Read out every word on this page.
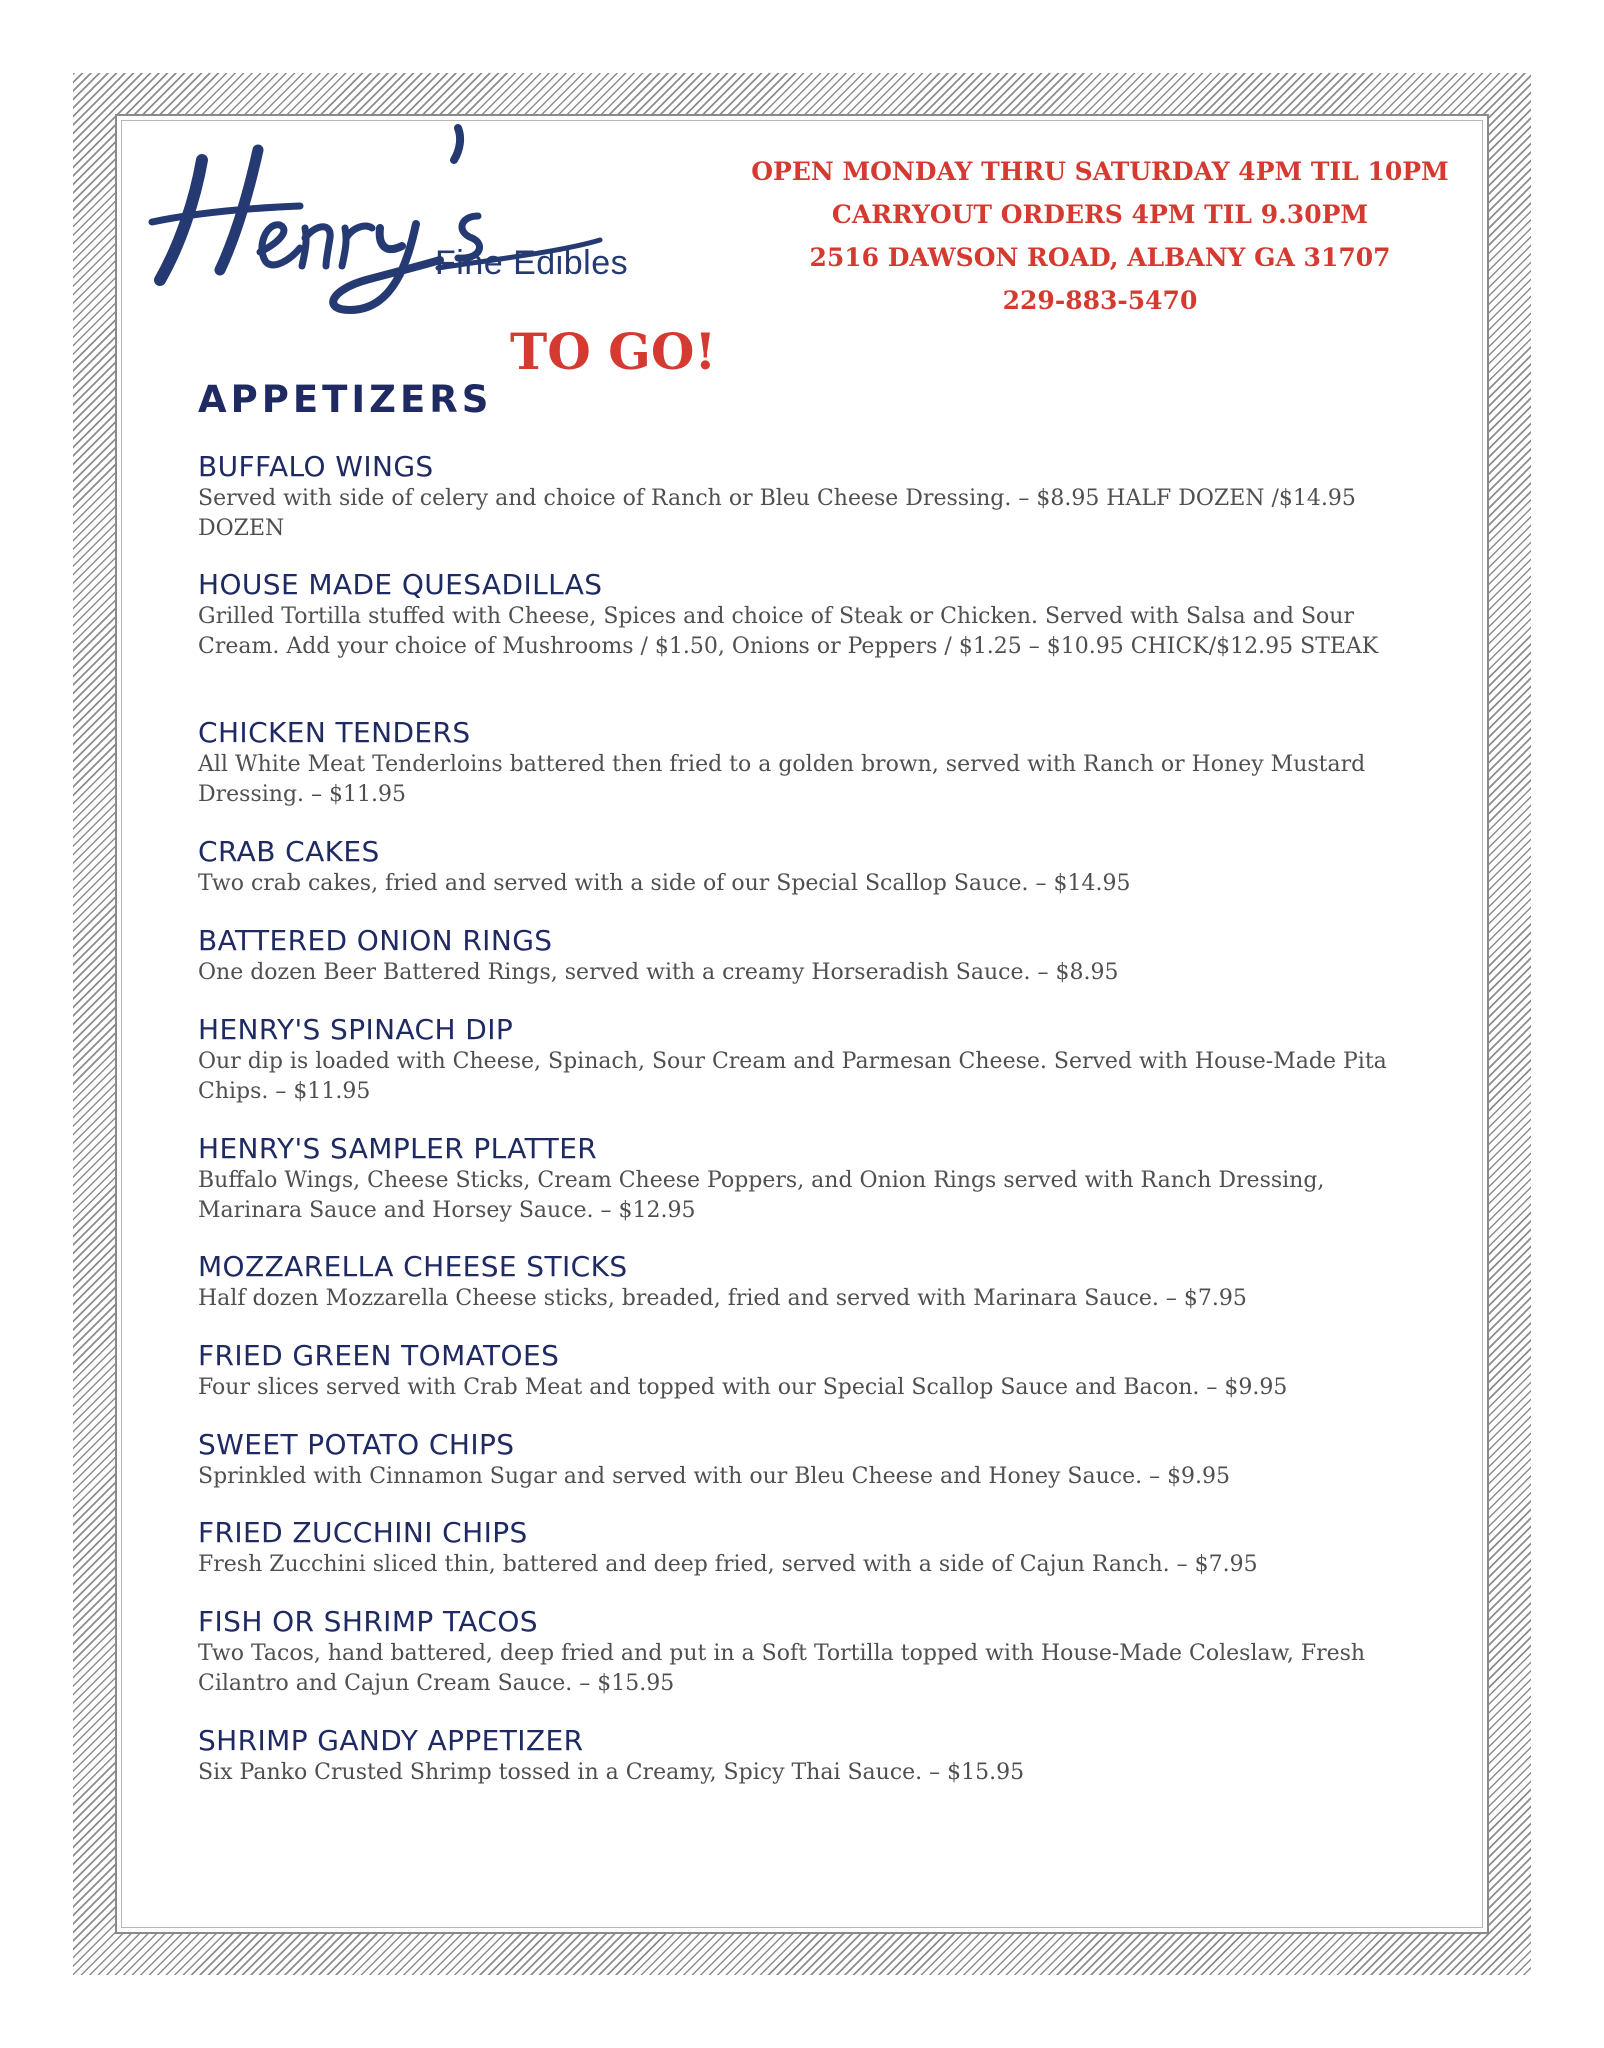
Fine Edibles
OPEN MONDAY THRU SATURDAY 4PM TIL 10PM
CARRYOUT ORDERS 4PM TIL 9.30PM
2516 DAWSON ROAD, ALBANY GA 31707
229-883-5470
TO GO!
APPETIZERS
BUFFALO WINGS
Served with side of celery and choice of Ranch or Bleu Cheese Dressing. – $8.95 HALF DOZEN /$14.95 DOZEN
HOUSE MADE QUESADILLAS
Grilled Tortilla stuffed with Cheese, Spices and choice of Steak or Chicken. Served with Salsa and Sour Cream. Add your choice of Mushrooms / $1.50, Onions or Peppers / $1.25 – $10.95 CHICK/$12.95 STEAK
CHICKEN TENDERS
All White Meat Tenderloins battered then fried to a golden brown, served with Ranch or Honey Mustard Dressing. – $11.95
CRAB CAKES
Two crab cakes, fried and served with a side of our Special Scallop Sauce. – $14.95
BATTERED ONION RINGS
One dozen Beer Battered Rings, served with a creamy Horseradish Sauce. – $8.95
HENRY'S SPINACH DIP
Our dip is loaded with Cheese, Spinach, Sour Cream and Parmesan Cheese. Served with House-Made Pita Chips. – $11.95
HENRY'S SAMPLER PLATTER
Buffalo Wings, Cheese Sticks, Cream Cheese Poppers, and Onion Rings served with Ranch Dressing, Marinara Sauce and Horsey Sauce. – $12.95
MOZZARELLA CHEESE STICKS
Half dozen Mozzarella Cheese sticks, breaded, fried and served with Marinara Sauce. – $7.95
FRIED GREEN TOMATOES
Four slices served with Crab Meat and topped with our Special Scallop Sauce and Bacon. – $9.95
SWEET POTATO CHIPS
Sprinkled with Cinnamon Sugar and served with our Bleu Cheese and Honey Sauce. – $9.95
FRIED ZUCCHINI CHIPS
Fresh Zucchini sliced thin, battered and deep fried, served with a side of Cajun Ranch. – $7.95
FISH OR SHRIMP TACOS
Two Tacos, hand battered, deep fried and put in a Soft Tortilla topped with House-Made Coleslaw, Fresh Cilantro and Cajun Cream Sauce. – $15.95
SHRIMP GANDY APPETIZER
Six Panko Crusted Shrimp tossed in a Creamy, Spicy Thai Sauce. – $15.95
